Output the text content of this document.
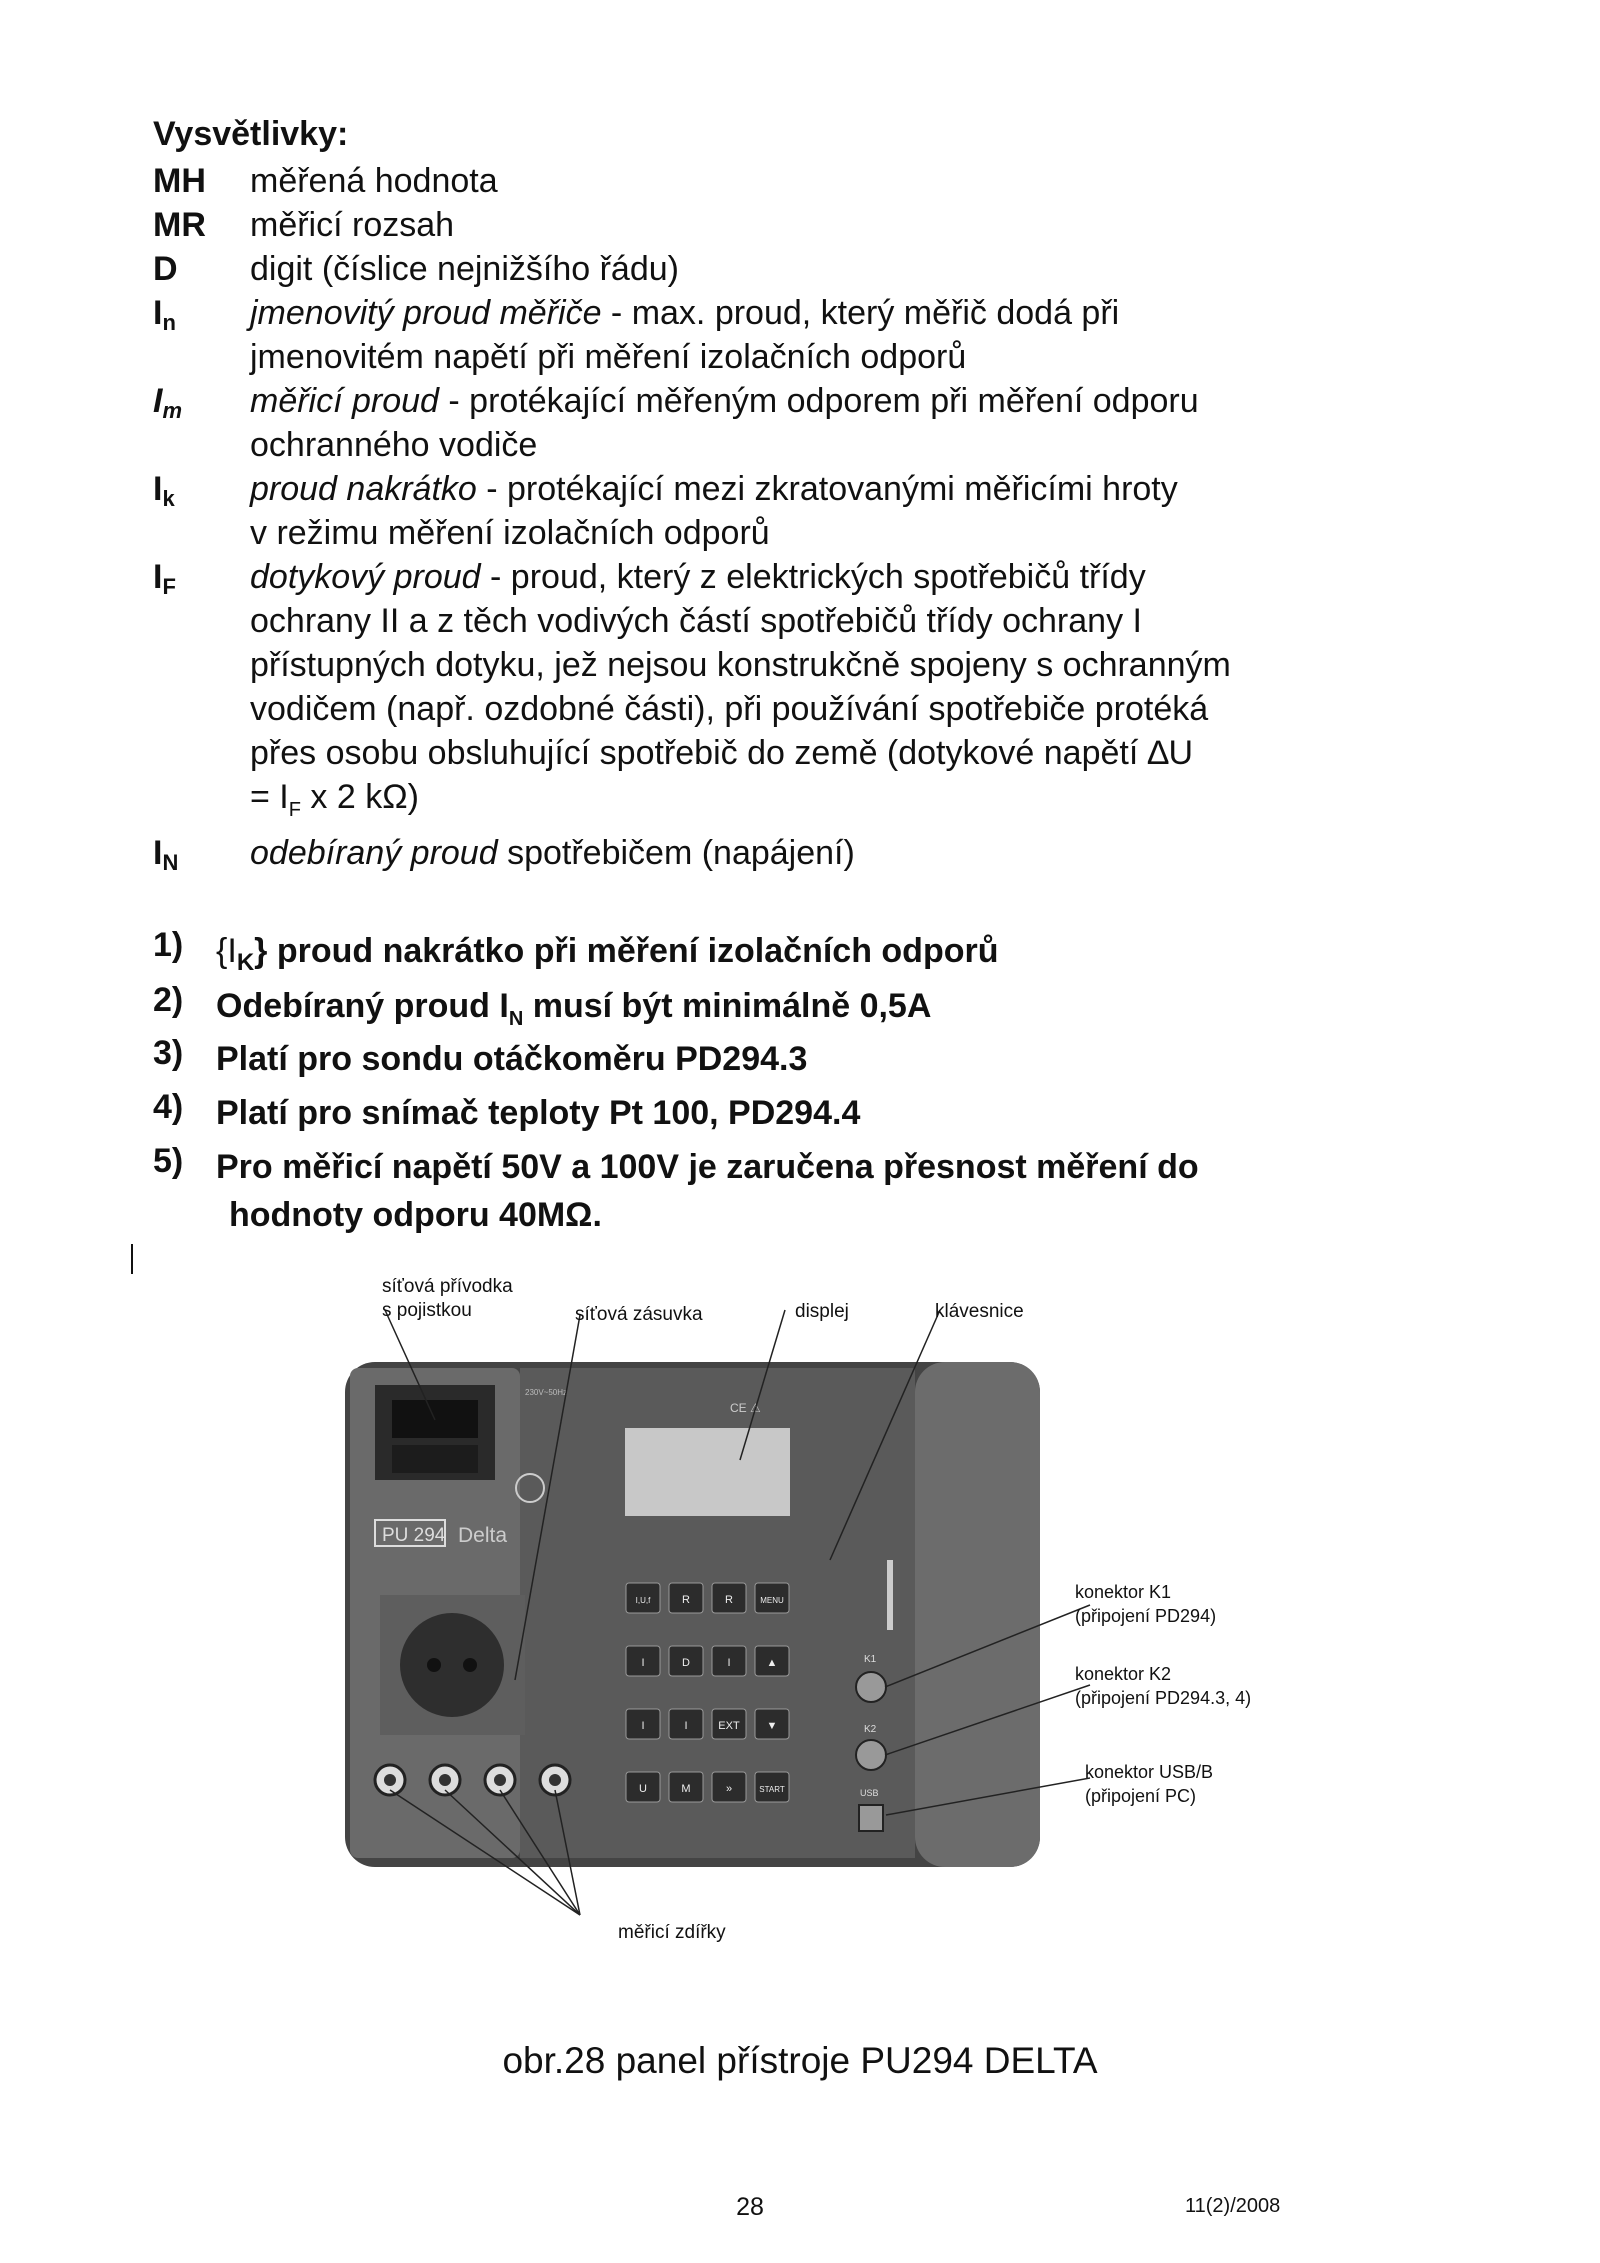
Vysvětlivky:
MH	měřená hodnota
MR	měřicí rozsah
D	digit (číslice nejnižšího řádu)
$I_n$	jmenovitý proud měřiče - max. proud, který měřič dodá při
jmenovitém napětí při měření izolačních odporů
$I_m$	měřicí proud - protékající měřeným odporem při měření odporu
ochranného vodiče
$I_k$	proud nakrátko - protékající mezi zkratovanými měřicími hroty
v režimu měření izolačních odporů
$I_F$	dotykový proud - proud, který z elektrických spotřebičů třídy
ochrany II a z těch vodivých částí spotřebičů třídy ochrany I
přístupných dotyku, jež nejsou konstrukčně spojeny s ochranným
vodičem (např. ozdobné části), při používání spotřebiče protéká
přes osobu obsluhující spotřebič do země (dotykové napětí ∆U
= $I_F$ x 2 kΩ)
$I_N$	odebíraný proud spotřebičem (napájení)
1) $\{I_K\}$ proud nakrátko při měření izolačních odporů
2) Odebíraný proud $I_N$ musí být minimálně 0,5A
3) Platí pro sondu otáčkoměru PD294.3
4) Platí pro snímač teploty Pt 100, PD294.4
5) Pro měřicí napětí 50V a 100V je zaručena přesnost měření do
hodnoty odporu 40MΩ.
230V~50Hz
PU 294 Delta
CE ⚠
I,U,f	R	R	MENU
I	D	I	▲
I	I	EXT ▼
U	M	»	START
K1
K2
USB
síťová přívodka
s pojistkou	síťová zásuvka	displej	klávesnice
konektor K1
(připojení PD294)
konektor K2
(připojení PD294.3, 4)
konektor USB/B
(připojení PC)
měřicí zdířky
obr.28 panel přístroje PU294 DELTA
28	11(2)/2008
